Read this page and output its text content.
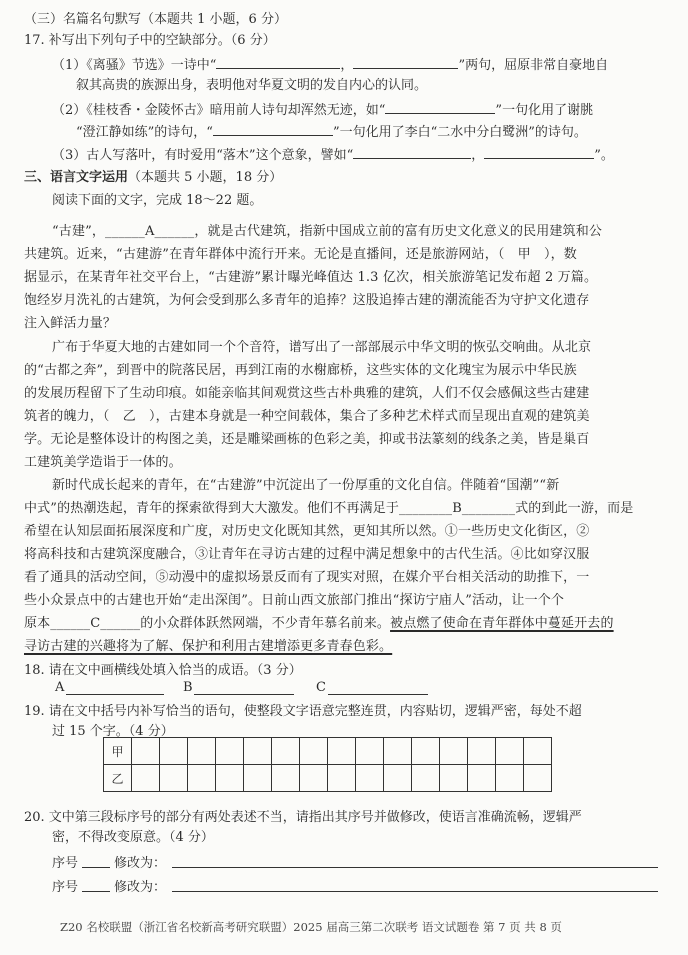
（三）名篇名句默写（本题共 1 小题，6 分）
17. 补写出下列句子中的空缺部分。（6 分）
（1）《离骚》节选》一诗中“	，	”两句，屈原非常自豪地自
叙其高贵的族源出身，表明他对华夏文明的发自内心的认同。
（2）《桂枝香・金陵怀古》暗用前人诗句却浑然无迹，如“	”一句化用了谢朓
“澄江静如练”的诗句，“	”一句化用了李白“二水中分白鹭洲”的诗句。
（3）古人写落叶，有时爱用“落木”这个意象，譬如“	，	”。
三、语言文字运用（本题共 5 小题，18 分）
阅读下面的文字，完成 18～22 题。
“古建”，______A______，就是古代建筑，指新中国成立前的富有历史文化意义的民用建筑和公
共建筑。近来，“古建游”在青年群体中流行开来。无论是直播间，还是旅游网站，（　甲　），数
据显示，在某青年社交平台上，“古建游”累计曝光峰值达 1.3 亿次，相关旅游笔记发布超 2 万篇。
饱经岁月洗礼的古建筑，为何会受到那么多青年的追捧？这股追捧古建的潮流能否为守护文化遗存
注入鲜活力量？
广布于华夏大地的古建如同一个个音符，谱写出了一部部展示中华文明的恢弘交响曲。从北京
的“古都之奔”，到晋中的院落民居，再到江南的水榭廊桥，这些实体的文化瑰宝为展示中华民族
的发展历程留下了生动印痕。如能亲临其间观赏这些古朴典雅的建筑，人们不仅会感佩这些古建建
筑者的魄力，（　乙　），古建本身就是一种空间载体，集合了多种艺术样式而呈现出直观的建筑美
学。无论是整体设计的构图之美，还是雕梁画栋的色彩之美，抑或书法篆刻的线条之美，皆是巢百
工建筑美学造诣于一体的。
新时代成长起来的青年，在“古建游”中沉淀出了一份厚重的文化自信。伴随着“国潮”“新
中式”的热潮迭起，青年的探索欲得到大大激发。他们不再满足于________B________式的到此一游，而是
希望在认知层面拓展深度和广度，对历史文化既知其然，更知其所以然。①一些历史文化街区，②
将高科技和古建筑深度融合，③让青年在寻访古建的过程中满足想象中的古代生活。④比如穿汉服
看了通具的活动空间，⑤动漫中的虚拟场景反而有了现实对照，在媒介平台相关活动的助推下，一
些小众景点中的古建也开始“走出深闺”。日前山西文旅部门推出“探访宁庙人”活动，让一个个
原本______C______的小众群体跃然网端，不少青年慕名前来。被点燃了使命在青年群体中蔓延开去的
寻访古建的兴趣将为了解、保护和利用古建增添更多青春色彩。
18. 请在文中画横线处填入恰当的成语。（3 分）
A	B	C
19. 请在文中括号内补写恰当的语句，使整段文字语意完整连贯，内容贴切，逻辑严密，每处不超
过 15 个字。（4 分）
甲															
乙															
20. 文中第三段标序号的部分有两处表述不当，请指出其序号并做修改，使语言准确流畅，逻辑严
密，不得改变原意。（4 分）
序号	修改为：
序号	修改为：
Z20 名校联盟（浙江省名校新高考研究联盟）2025 届高三第二次联考 语文试题卷 第 7 页 共 8 页
